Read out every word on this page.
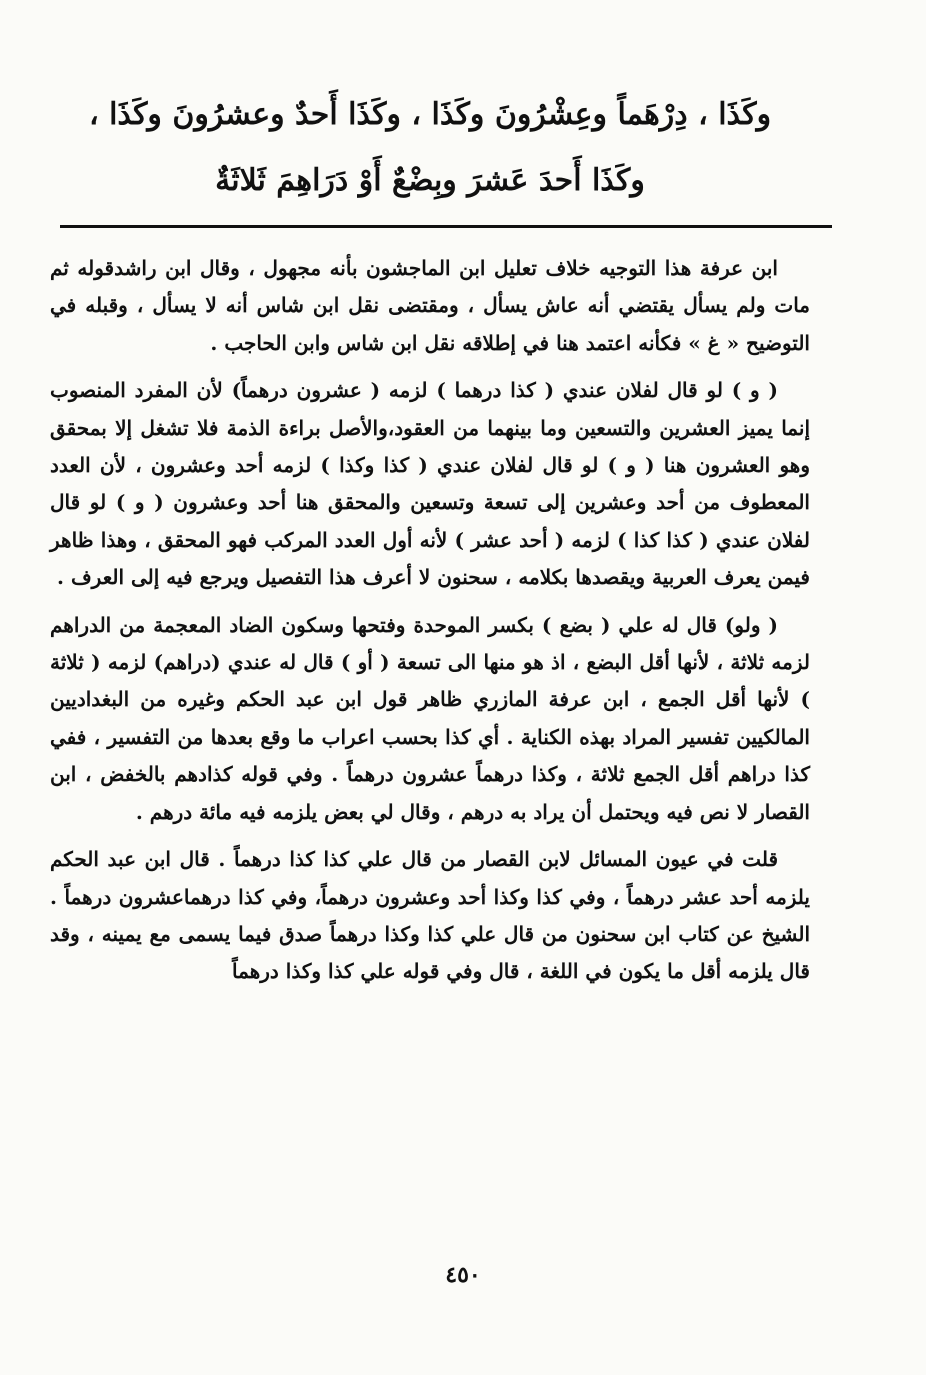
وكَذَا ، دِرْهَماً وعِشْرُونَ وكَذَا ، وكَذَا أَحدٌ وعشرُونَ وكَذَا ،
وكَذَا أَحدَ عَشرَ وبِضْعٌ أَوْ دَرَاهِمَ ثَلاثَةٌ

ابن عرفة هذا التوجيه خلاف تعليل ابن الماجشون بأنه مجهول ، وقال ابن راشدقوله ثم مات ولم يسأل يقتضي أنه عاش يسأل ، ومقتضى نقل ابن شاس أنه لا يسأل ، وقبله في التوضيح « غ » فكأنه اعتمد هنا في إطلاقه نقل ابن شاس وابن الحاجب .

( و ) لو قال لفلان عندي ( كذا درهما ) لزمه ( عشرون درهماً) لأن المفرد المنصوب إنما يميز العشرين والتسعين وما بينهما من العقود،والأصل براءة الذمة فلا تشغل إلا بمحقق وهو العشرون هنا ( و ) لو قال لفلان عندي ( كذا وكذا ) لزمه أحد وعشرون ، لأن العدد المعطوف من أحد وعشرين إلى تسعة وتسعين والمحقق هنا أحد وعشرون ( و ) لو قال لفلان عندي ( كذا كذا ) لزمه ( أحد عشر ) لأنه أول العدد المركب فهو المحقق ، وهذا ظاهر فيمن يعرف العربية ويقصدها بكلامه ، سحنون لا أعرف هذا التفصيل ويرجع فيه إلى العرف .

( ولو) قال له علي ( بضع ) بكسر الموحدة وفتحها وسكون الضاد المعجمة من الدراهم لزمه ثلاثة ، لأنها أقل البضع ، اذ هو منها الى تسعة ( أو ) قال له عندي (دراهم) لزمه ( ثلاثة ) لأنها أقل الجمع ، ابن عرفة المازري ظاهر قول ابن عبد الحكم وغيره من البغداديين المالكيين تفسير المراد بهذه الكناية . أي كذا بحسب اعراب ما وقع بعدها من التفسير ، ففي كذا دراهم أقل الجمع ثلاثة ، وكذا درهماً عشرون درهماً . وفي قوله كذادهم بالخفض ، ابن القصار لا نص فيه ويحتمل أن يراد به درهم ، وقال لي بعض يلزمه فيه مائة درهم .

قلت في عيون المسائل لابن القصار من قال علي كذا كذا درهماً . قال ابن عبد الحكم يلزمه أحد عشر درهماً ، وفي كذا وكذا أحد وعشرون درهماً، وفي كذا درهماعشرون درهماً . الشيخ عن كتاب ابن سحنون من قال علي كذا وكذا درهماً صدق فيما يسمى مع يمينه ، وقد قال يلزمه أقل ما يكون في اللغة ، قال وفي قوله علي كذا وكذا درهماً

٤٥٠
